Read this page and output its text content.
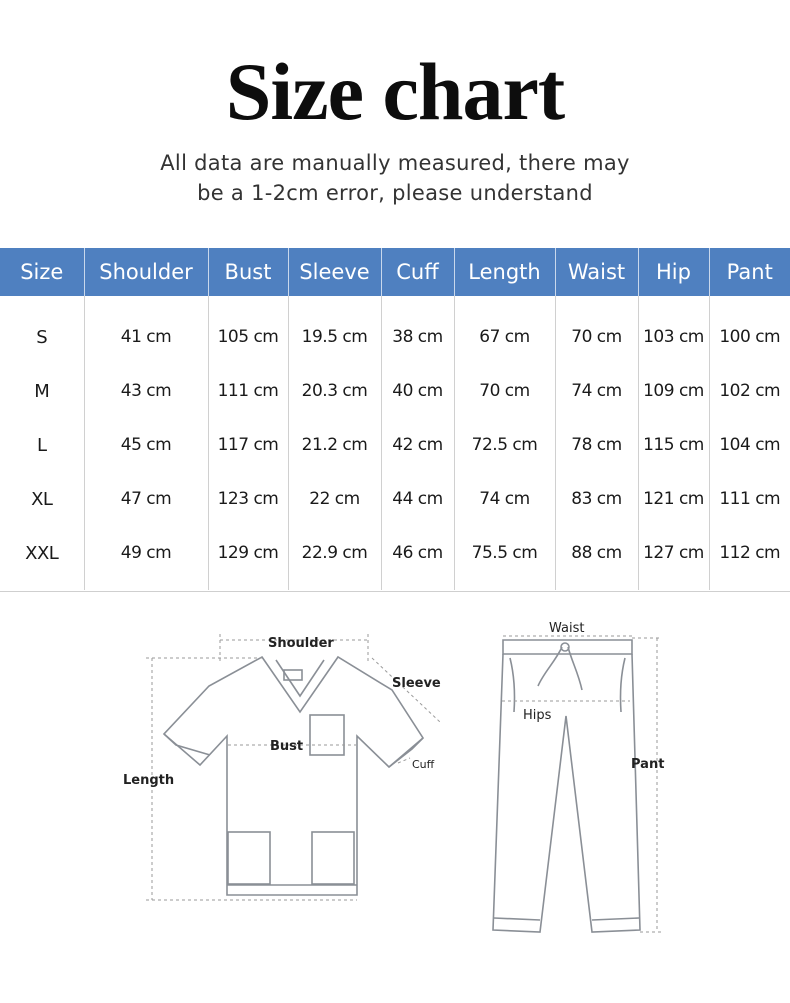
Size chart
All data are manually measured, there may
be a 1-2cm error, please understand
Size	Shoulder	Bust	Sleeve	Cuff	Length	Waist	Hip	Pant

S	41 cm	105 cm	19.5 cm	38 cm	67 cm	70 cm	103 cm	100 cm
M	43 cm	111 cm	20.3 cm	40 cm	70 cm	74 cm	109 cm	102 cm
L	45 cm	117 cm	21.2 cm	42 cm	72.5 cm	78 cm	115 cm	104 cm
XL	47 cm	123 cm	22 cm	44 cm	74 cm	83 cm	121 cm	111 cm
XXL	49 cm	129 cm	22.9 cm	46 cm	75.5 cm	88 cm	127 cm	112 cm
Shoulder
Sleeve
Bust
Cuff
Length
Waist
Hips
Pant
